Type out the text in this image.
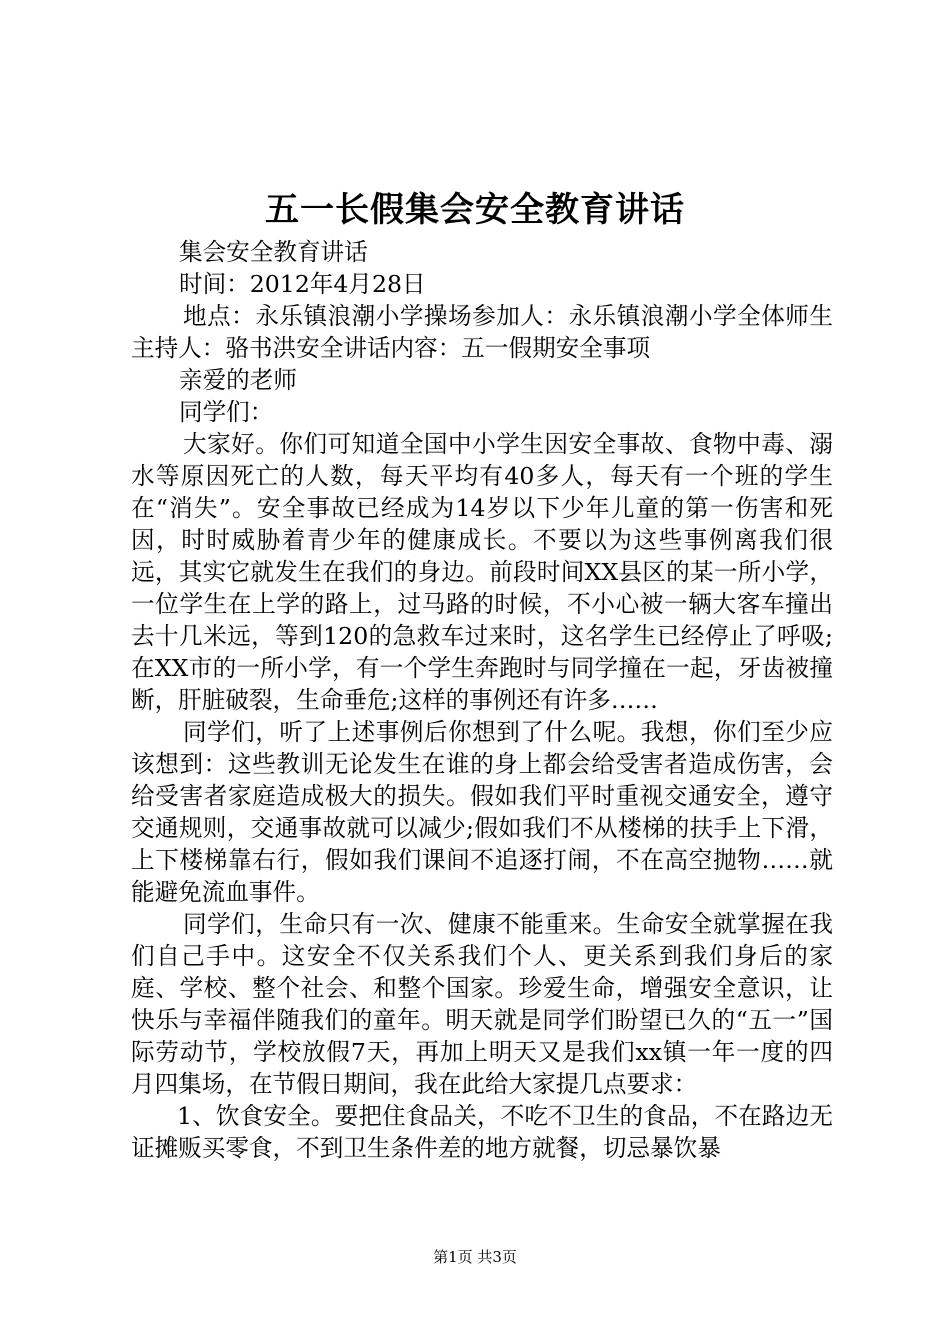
五一长假集会安全教育讲话

集会安全教育讲话

时间：2012年4月28日

地点：永乐镇浪潮小学操场参加人：永乐镇浪潮小学全体师生主持人：骆书洪安全讲话内容：五一假期安全事项

亲爱的老师

同学们：

大家好。你们可知道全国中小学生因安全事故、食物中毒、溺水等原因死亡的人数，每天平均有40多人，每天有一个班的学生在“消失”。安全事故已经成为14岁以下少年儿童的第一伤害和死因，时时威胁着青少年的健康成长。不要以为这些事例离我们很远，其实它就发生在我们的身边。前段时间XX县区的某一所小学，一位学生在上学的路上，过马路的时候，不小心被一辆大客车撞出去十几米远，等到120的急救车过来时，这名学生已经停止了呼吸;在XX市的一所小学，有一个学生奔跑时与同学撞在一起，牙齿被撞断，肝脏破裂，生命垂危;这样的事例还有许多……

同学们，听了上述事例后你想到了什么呢。我想，你们至少应该想到：这些教训无论发生在谁的身上都会给受害者造成伤害，会给受害者家庭造成极大的损失。假如我们平时重视交通安全，遵守交通规则，交通事故就可以减少;假如我们不从楼梯的扶手上下滑，上下楼梯靠右行，假如我们课间不追逐打闹，不在高空抛物……就能避免流血事件。

同学们，生命只有一次、健康不能重来。生命安全就掌握在我们自己手中。这安全不仅关系我们个人、更关系到我们身后的家庭、学校、整个社会、和整个国家。珍爱生命，增强安全意识，让快乐与幸福伴随我们的童年。明天就是同学们盼望已久的“五一”国际劳动节，学校放假7天，再加上明天又是我们xx镇一年一度的四月四集场，在节假日期间，我在此给大家提几点要求：

1、饮食安全。要把住食品关，不吃不卫生的食品，不在路边无证摊贩买零食，不到卫生条件差的地方就餐，切忌暴饮暴

第1页 共3页
